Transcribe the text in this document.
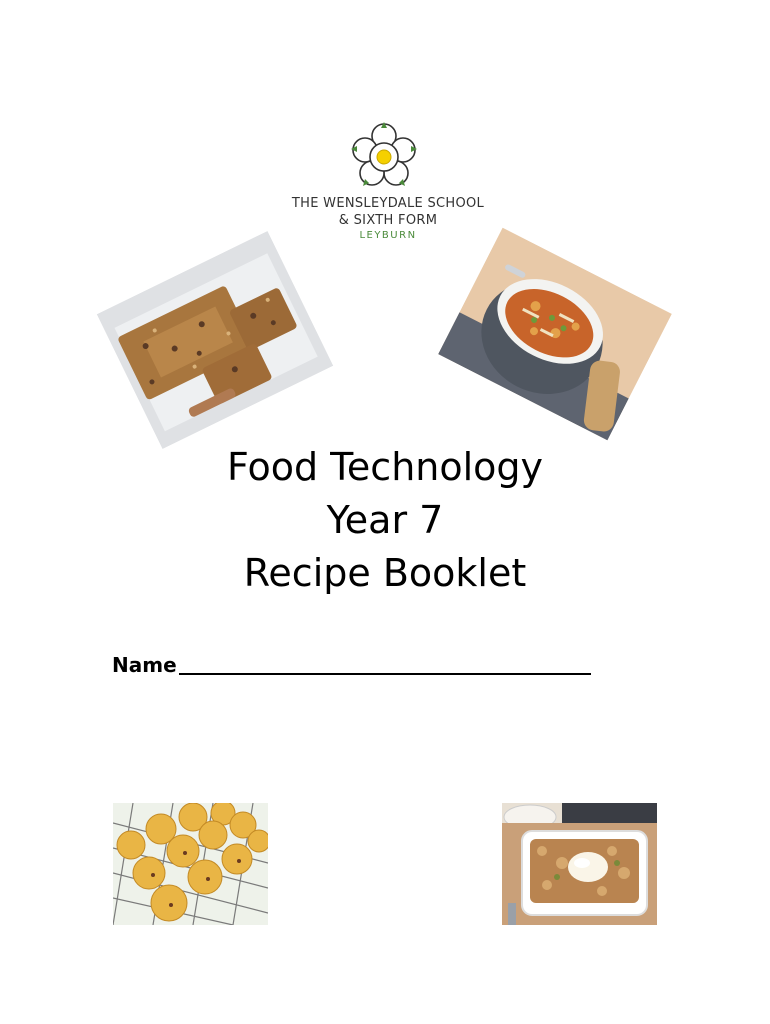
THE WENSLEYDALE SCHOOL
& SIXTH FORM
LEYBURN
Food Technology
Year 7
Recipe Booklet
Name
